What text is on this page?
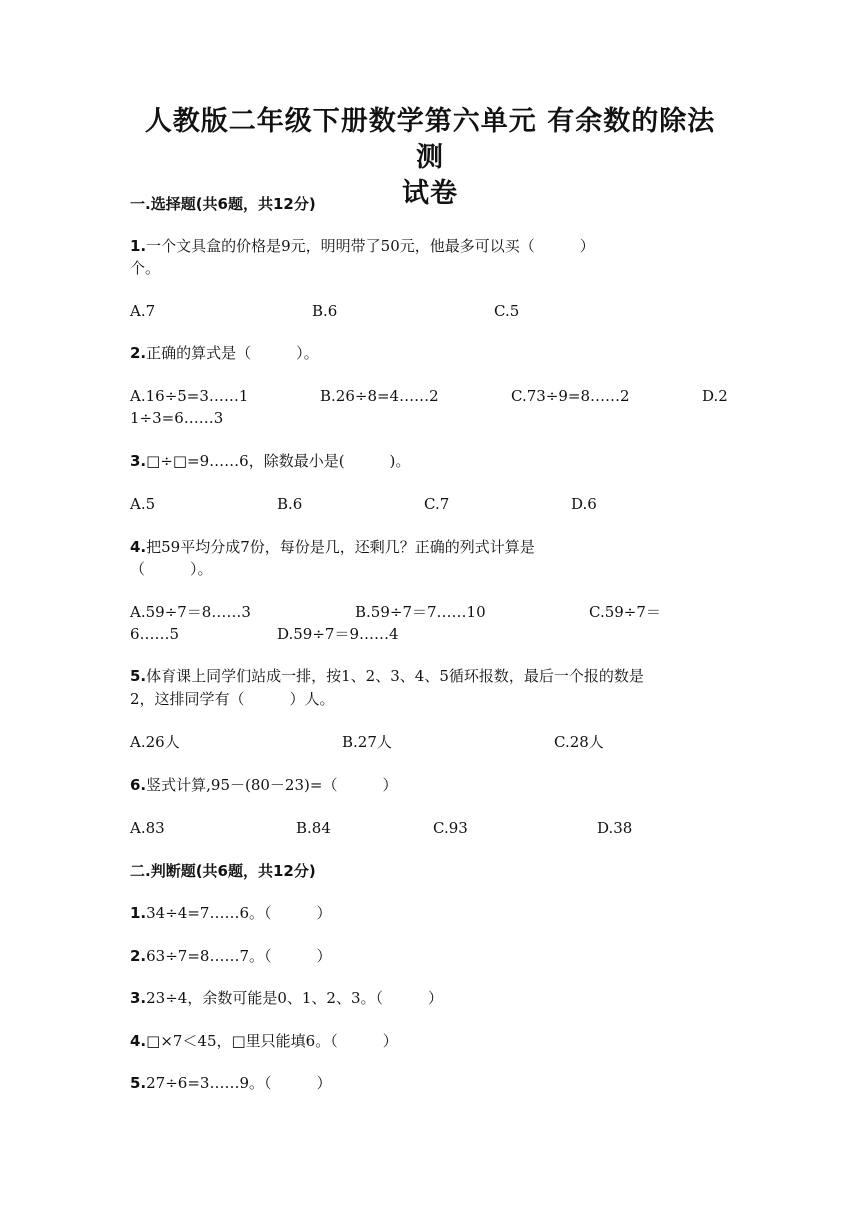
人教版二年级下册数学第六单元 有余数的除法 测
试卷
一.选择题(共6题，共12分)
1.一个文具盒的价格是9元，明明带了50元，他最多可以买（　　　）
个。
A.7	B.6	C.5
2.正确的算式是（　　　）。
A.16÷5=3……1	B.26÷8=4……2	C.73÷9=8……2	D.2
1÷3=6……3
3.□÷□=9……6，除数最小是(　　　)。
A.5	B.6	C.7	D.6
4.把59平均分成7份，每份是几，还剩几？正确的列式计算是
（　　　）。
A.59÷7＝8……3	B.59÷7＝7……10	C.59÷7＝
6……5	D.59÷7＝9……4
5.体育课上同学们站成一排，按1、2、3、4、5循环报数，最后一个报的数是
2，这排同学有（　　　）人。
A.26人	B.27人	C.28人
6.竖式计算,95－(80－23)=（　　　）
A.83	B.84	C.93	D.38
二.判断题(共6题，共12分)
1.34÷4=7……6。（　　　）
2.63÷7=8……7。（　　　）
3.23÷4，余数可能是0、1、2、3。（　　　）
4.□×7＜45，□里只能填6。（　　　）
5.27÷6=3……9。（　　　）
